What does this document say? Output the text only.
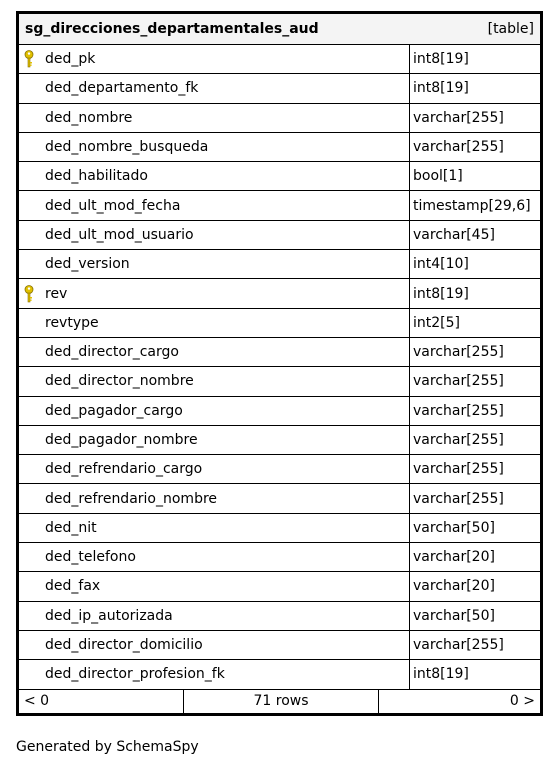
sg_direcciones_departamentales_aud	[table]
ded_pk	int8[19]
ded_departamento_fk	int8[19]
ded_nombre	varchar[255]
ded_nombre_busqueda	varchar[255]
ded_habilitado	bool[1]
ded_ult_mod_fecha	timestamp[29,6]
ded_ult_mod_usuario	varchar[45]
ded_version	int4[10]
rev	int8[19]
revtype	int2[5]
ded_director_cargo	varchar[255]
ded_director_nombre	varchar[255]
ded_pagador_cargo	varchar[255]
ded_pagador_nombre	varchar[255]
ded_refrendario_cargo	varchar[255]
ded_refrendario_nombre	varchar[255]
ded_nit	varchar[50]
ded_telefono	varchar[20]
ded_fax	varchar[20]
ded_ip_autorizada	varchar[50]
ded_director_domicilio	varchar[255]
ded_director_profesion_fk	int8[19]
< 0	71 rows	0 >
Generated by SchemaSpy
